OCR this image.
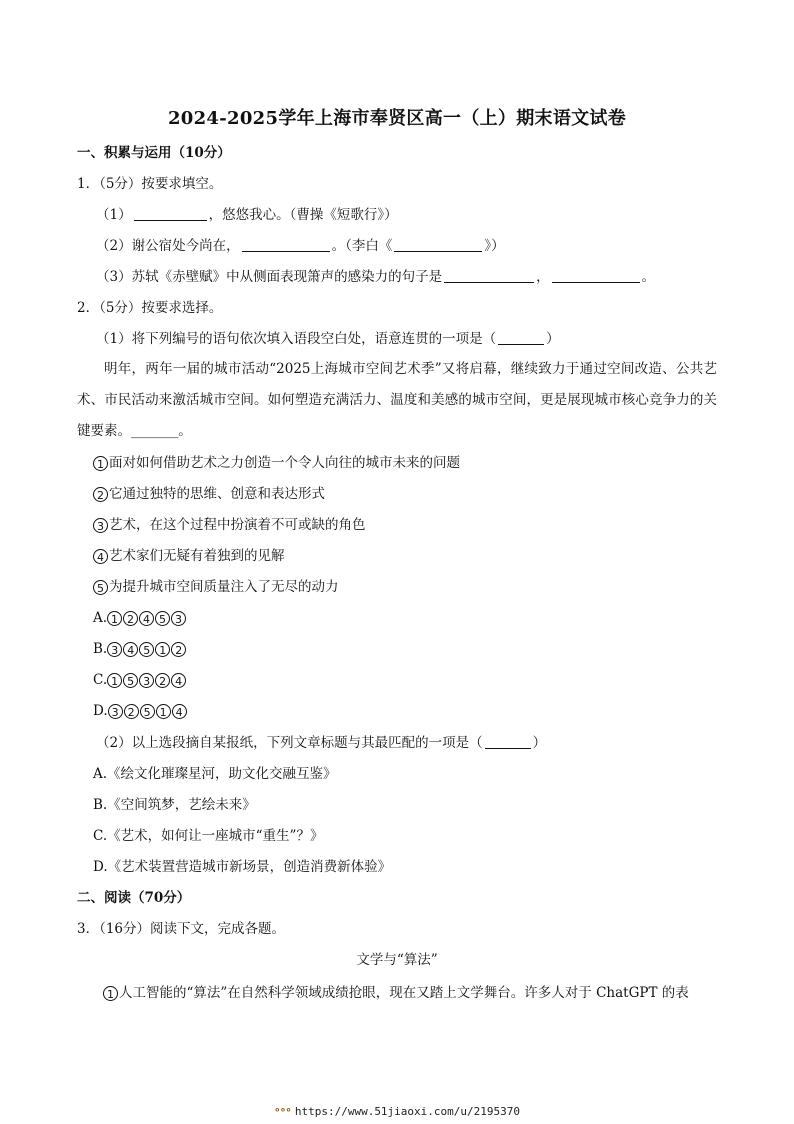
2024-2025学年上海市奉贤区高一（上）期末语文试卷
一、积累与运用（10分）
1．（5分）按要求填空。
（1）	，悠悠我心。（曹操《短歌行》）
（2）谢公宿处今尚在，	。（李白《	》）
（3）苏轼《赤壁赋》中从侧面表现箫声的感染力的句子是	，	。
2．（5分）按要求选择。
（1）将下列编号的语句依次填入语段空白处，语意连贯的一项是（	）
明年，两年一届的城市活动“2025上海城市空间艺术季”又将启幕，继续致力于通过空间改造、公共艺术、市民活动来激活城市空间。如何塑造充满活力、温度和美感的城市空间，更是展现城市核心竞争力的关键要素。_______。
1 面对如何借助艺术之力创造一个令人向往的城市未来的问题
2 它通过独特的思维、创意和表达形式
3 艺术，在这个过程中扮演着不可或缺的角色
4 艺术家们无疑有着独到的见解
5 为提升城市空间质量注入了无尽的动力
A. 1 2 4 5 3
B. 3 4 5 1 2
C. 1 5 3 2 4
D. 3 2 5 1 4
（2）以上选段摘自某报纸，下列文章标题与其最匹配的一项是（	）
A.《绘文化璀璨星河，助文化交融互鉴》
B.《空间筑梦，艺绘未来》
C.《艺术，如何让一座城市“重生”？》
D.《艺术装置营造城市新场景，创造消费新体验》
二、阅读（70分）
3．（16分）阅读下文，完成各题。
文学与“算法”
1 人工智能的“算法”在自然科学领域成绩抢眼，现在又踏上文学舞台。许多人对于 ChatGPT 的表
ᵒᵒᵒ https://www.51jiaoxi.com/u/2195370
